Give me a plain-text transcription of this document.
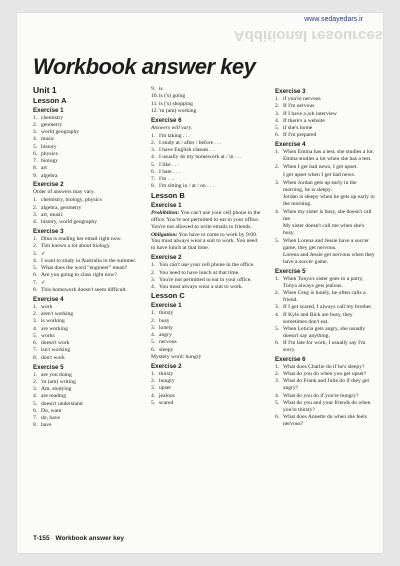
www.sedayedars.ir
Additional resources
Workbook answer key
Unit 1
Lesson A
Exercise 1
1. chemistry
2. geometry
3. world geography
4. music
5. history
6. physics
7. biology
8. art
9. algebra
Exercise 2
Order of answers may vary.
1. chemistry, biology, physics
2. algebra, geometry
3. art, music
4. history, world geography
Exercise 3
1. Dina is reading her email right now.
2. Tim knows a lot about biology.
3. ✓
4. I want to study in Australia in the summer.
5. What does the word "engineer" mean?
6. Are you going to class right now?
7. ✓
8. This homework doesn't seem difficult.
Exercise 4
1. work
2. aren't working
3. is working
4. are working
5. works
6. doesn't work
7. isn't working
8. don't work
Exercise 5
1. are you doing
2. 'm (am) writing
3. Am, studying
4. are reading
5. doesn't understand
6. Do, want
7. do, have
8. have
9. is
10. is ('s) going
11. is ('s) shopping
12. 'm (am) working
Exercise 6
Answers will vary.
1. I'm taking . . .
2. I study at / after / before . . .
3. I have English classes . . .
4. I usually do my homework at / in . . .
5. I like . . .
6. I hate . . .
7. I'm . . .
8. I'm sitting in / at / on . . .
Lesson B
Exercise 1
Prohibition: You can't use your cell phone in the office. You're not permitted to eat in your office. You're not allowed to write emails to friends.
Obligation: You have to come to work by 9:00. You must always wear a suit to work. You need to have lunch at that time.
Exercise 2
1. You can't use your cell phone in the office.
2. You need to have lunch at that time.
3. You're not permitted to eat in your office.
4. You must always wear a suit to work.
Lesson C
Exercise 1
1. thirsty
2. busy
3. lonely
4. angry
5. nervous
6. sleepy
Mystery word: hungry
Exercise 2
1. thirsty
2. hungry
3. upset
4. jealous
5. scared
Exercise 3
1. if you're nervous
2. If I'm nervous
3. If I have a job interview
4. If there's a website
5. if she's home
6. If I'm prepared
Exercise 4
1. When Emma has a test, she studies a lot.
Emma studies a lot when she has a test.
2. When I get bad news, I get upset.
I get upset when I get bad news.
3. When Jordan gets up early in the morning, he is sleepy.
Jordan is sleepy when he gets up early in the morning.
4. When my sister is busy, she doesn't call me.
My sister doesn't call me when she's busy.
5. When Lorena and Jessie have a soccer game, they get nervous.
Lorena and Jessie get nervous when they have a soccer game.
Exercise 5
1. When Tonya's sister goes to a party, Tonya always gets jealous.
2. When Greg is lonely, he often calls a friend.
3. If I get scared, I always call my brother.
4. If Kyle and Rick are busy, they sometimes don't eat.
5. When Leticia gets angry, she usually doesn't say anything.
6. If I'm late for work, I usually say I'm sorry.
Exercise 6
1. What does Charlie do if he's sleepy?
2. What do you do when you get upset?
3. What do Frank and Julie do if they get angry?
4. What do you do if you're hungry?
5. What do you and your friends do when you're thirsty?
6. What does Annette do when she feels nervous?
T-155 Workbook answer key
